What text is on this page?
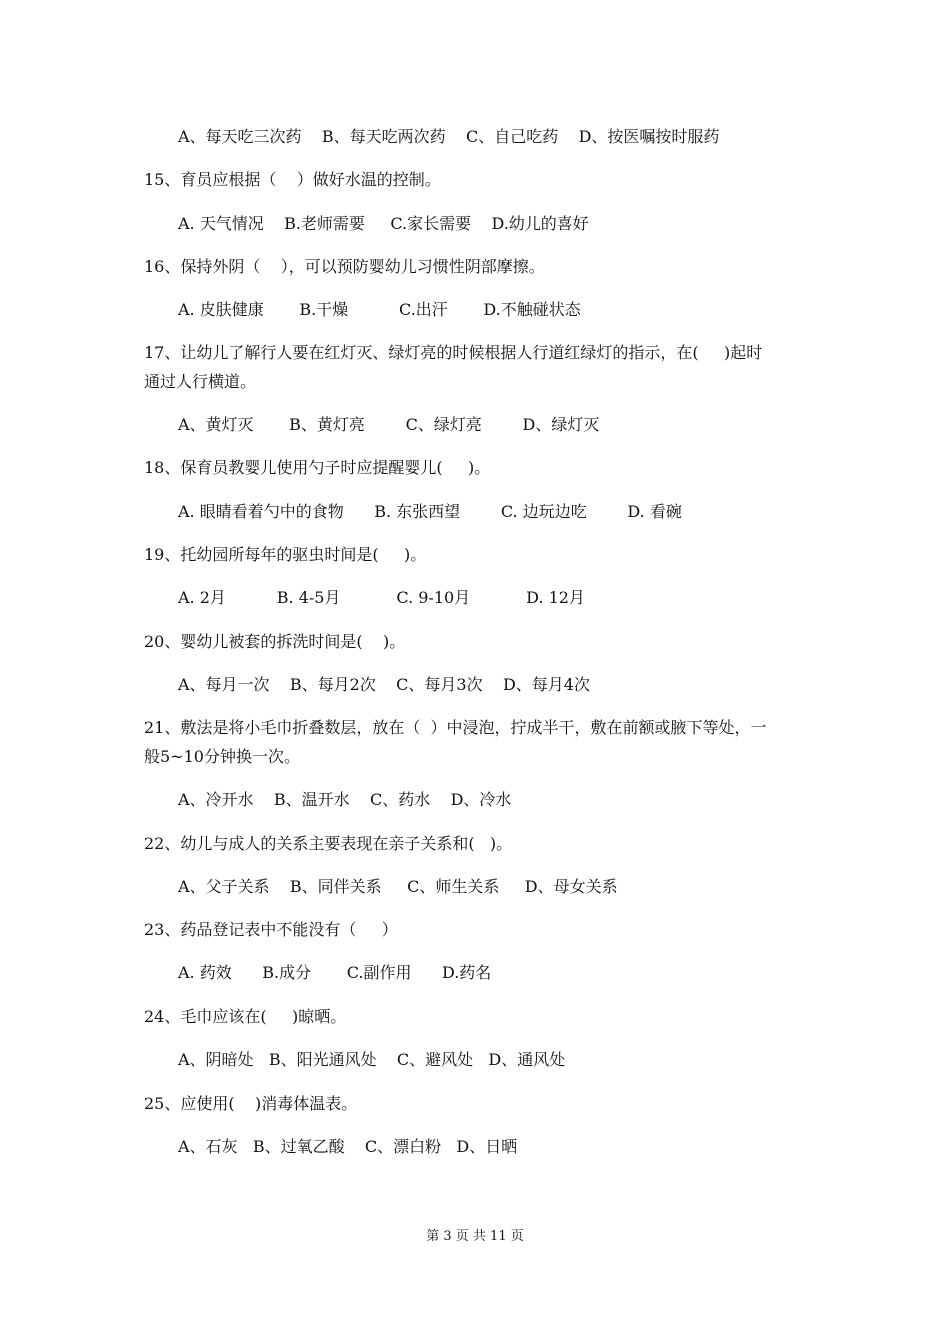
A、每天吃三次药    B、每天吃两次药    C、自己吃药    D、按医嘱按时服药
15、育员应根据（    ）做好水温的控制。
A. 天气情况    B.老师需要     C.家长需要    D.幼儿的喜好
16、保持外阴（    ），可以预防婴幼儿习惯性阴部摩擦。
A. 皮肤健康       B.干燥          C.出汗       D.不触碰状态
17、让幼儿了解行人要在红灯灭、绿灯亮的时候根据人行道红绿灯的指示，在(     )起时
通过人行横道。
A、黄灯灭       B、黄灯亮        C、绿灯亮        D、绿灯灭
18、保育员教婴儿使用勺子时应提醒婴儿(     )。
A. 眼睛看着勺中的食物      B. 东张西望        C. 边玩边吃        D. 看碗
19、托幼园所每年的驱虫时间是(     )。
A. 2月          B. 4-5月           C. 9-10月           D. 12月
20、婴幼儿被套的拆洗时间是(    )。
A、每月一次    B、每月2次    C、每月3次    D、每月4次
21、敷法是将小毛巾折叠数层，放在（  ）中浸泡，拧成半干，敷在前额或腋下等处，一
般5~10分钟换一次。
A、冷开水    B、温开水    C、药水    D、冷水
22、幼儿与成人的关系主要表现在亲子关系和(   )。
A、父子关系    B、同伴关系     C、师生关系     D、母女关系
23、药品登记表中不能没有（     ）
A. 药效      B.成分       C.副作用      D.药名
24、毛巾应该在(     )晾晒。
A、阴暗处   B、阳光通风处    C、避风处   D、通风处
25、应使用(    )消毒体温表。
A、石灰   B、过氧乙酸    C、漂白粉   D、日晒
第 3 页 共 11 页
